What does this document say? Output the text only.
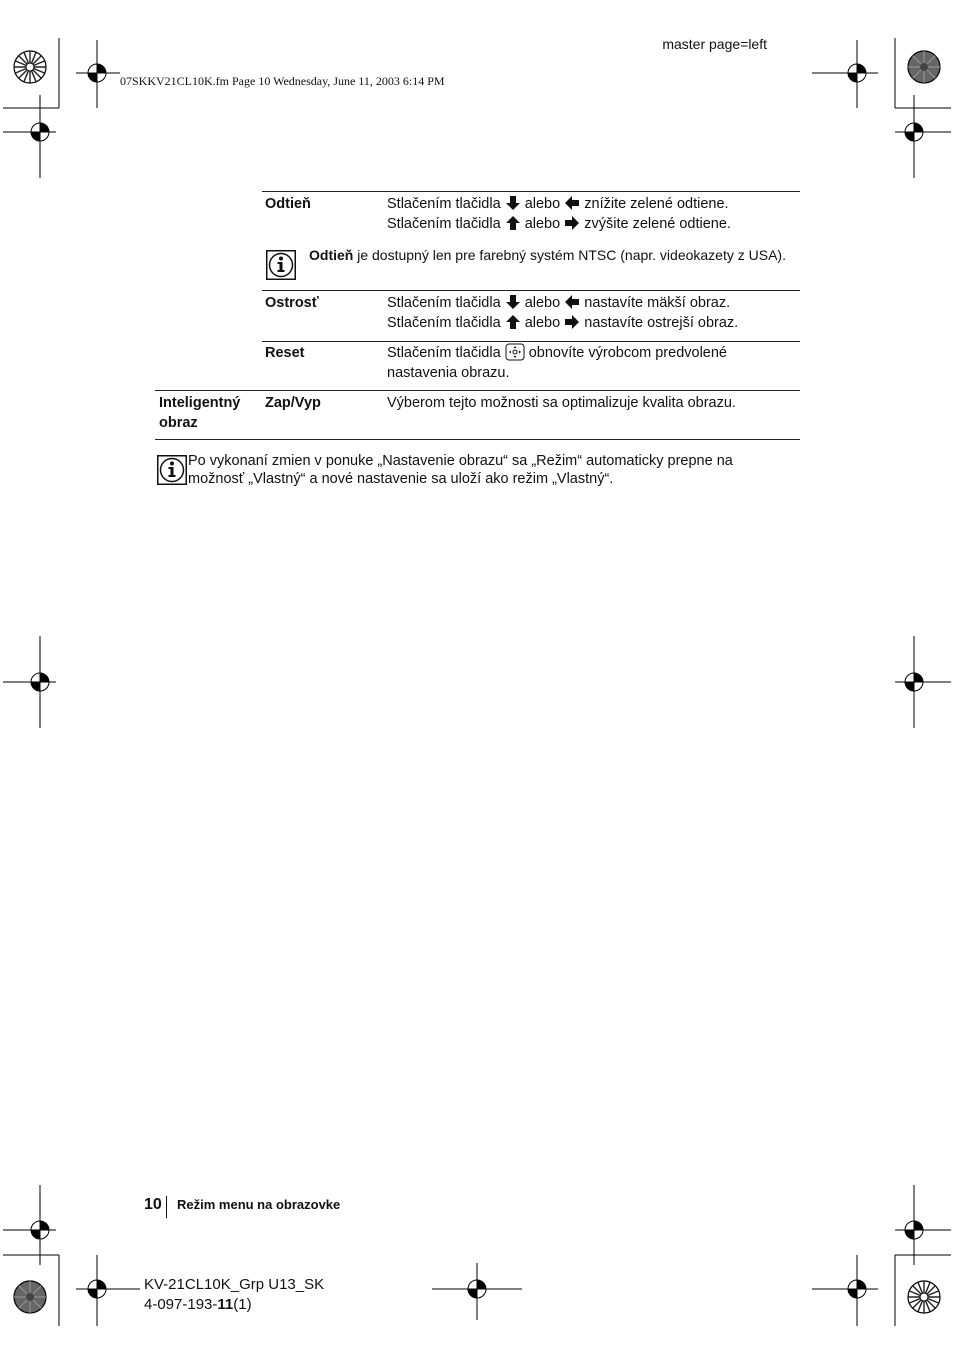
master page=left
07SKKV21CL10K.fm Page 10 Wednesday, June 11, 2003 6:14 PM
Odtieň	Stlačením tlačidla alebo znížite zelené odtiene.
Stlačením tlačidla alebo zvýšite zelené odtiene.
Odtieň je dostupný len pre farebný systém NTSC (napr. videokazety z USA).
Ostrosť	Stlačením tlačidla alebo nastavíte mäkší obraz.
Stlačením tlačidla alebo nastavíte ostrejší obraz.
Reset	Stlačením tlačidla obnovíte výrobcom predvolené
nastavenia obrazu.
Inteligentný
obraz
Zap/Vyp	Výberom tejto možnosti sa optimalizuje kvalita obrazu.
Po vykonaní zmien v ponuke „Nastavenie obrazu“ sa „Režim“ automaticky prepne na
možnosť „Vlastný“ a nové nastavenie sa uloží ako režim „Vlastný“.
10 Režim menu na obrazovke
KV-21CL10K_Grp U13_SK
4-097-193-11(1)
